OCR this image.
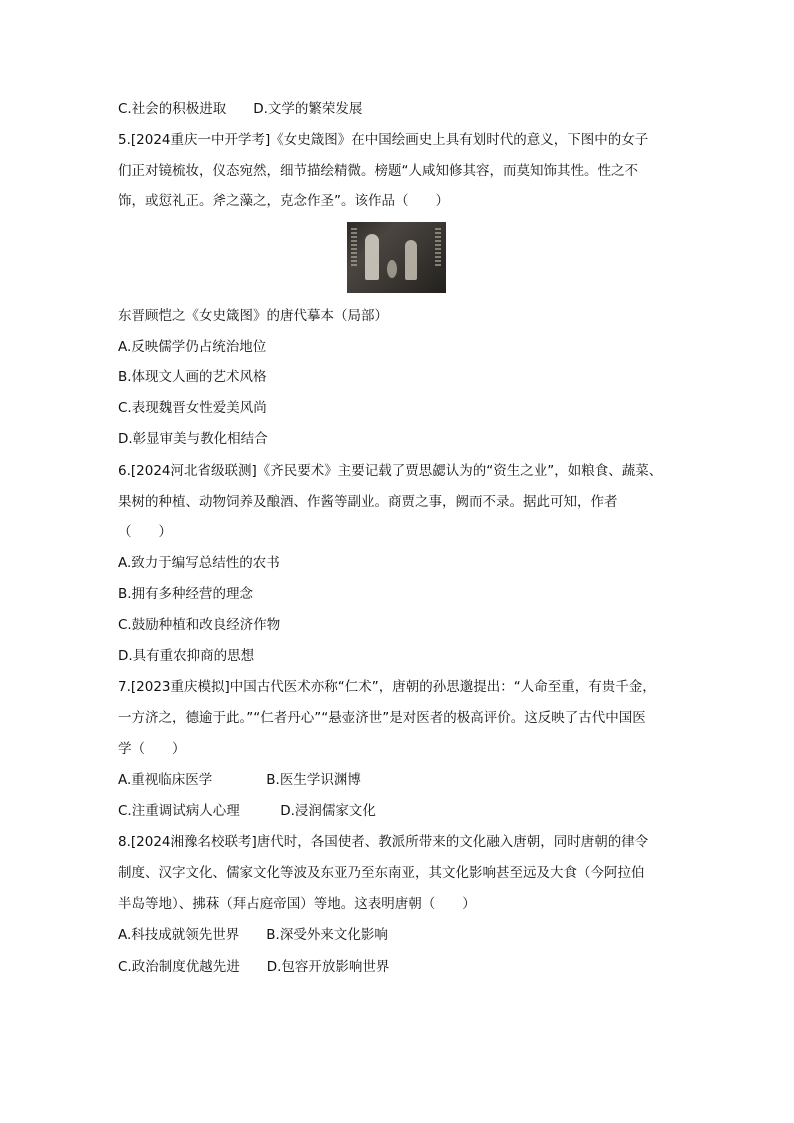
C.社会的积极进取　　D.文学的繁荣发展
5.[2024重庆一中开学考]《女史箴图》在中国绘画史上具有划时代的意义，下图中的女子
们正对镜梳妆，仪态宛然，细节描绘精微。榜题“人咸知修其容，而莫知饰其性。性之不
饰，或愆礼正。斧之藻之，克念作圣”。该作品（　　）
东晋顾恺之《女史箴图》的唐代摹本（局部）
A.反映儒学仍占统治地位
B.体现文人画的艺术风格
C.表现魏晋女性爱美风尚
D.彰显审美与教化相结合
6.[2024河北省级联测]《齐民要术》主要记载了贾思勰认为的“资生之业”，如粮食、蔬菜、
果树的种植、动物饲养及酿酒、作酱等副业。商贾之事，阙而不录。据此可知，作者
（　　）
A.致力于编写总结性的农书
B.拥有多种经营的理念
C.鼓励种植和改良经济作物
D.具有重农抑商的思想
7.[2023重庆模拟]中国古代医术亦称“仁术”，唐朝的孙思邈提出：“人命至重，有贵千金，
一方济之，德逾于此。”“仁者丹心”“悬壶济世”是对医者的极高评价。这反映了古代中国医
学（　　）
A.重视临床医学　　　　B.医生学识渊博
C.注重调试病人心理　　　D.浸润儒家文化
8.[2024湘豫名校联考]唐代时，各国使者、教派所带来的文化融入唐朝，同时唐朝的律令
制度、汉字文化、儒家文化等波及东亚乃至东南亚，其文化影响甚至远及大食（今阿拉伯
半岛等地）、拂菻（拜占庭帝国）等地。这表明唐朝（　　）
A.科技成就领先世界　　B.深受外来文化影响
C.政治制度优越先进　　D.包容开放影响世界
